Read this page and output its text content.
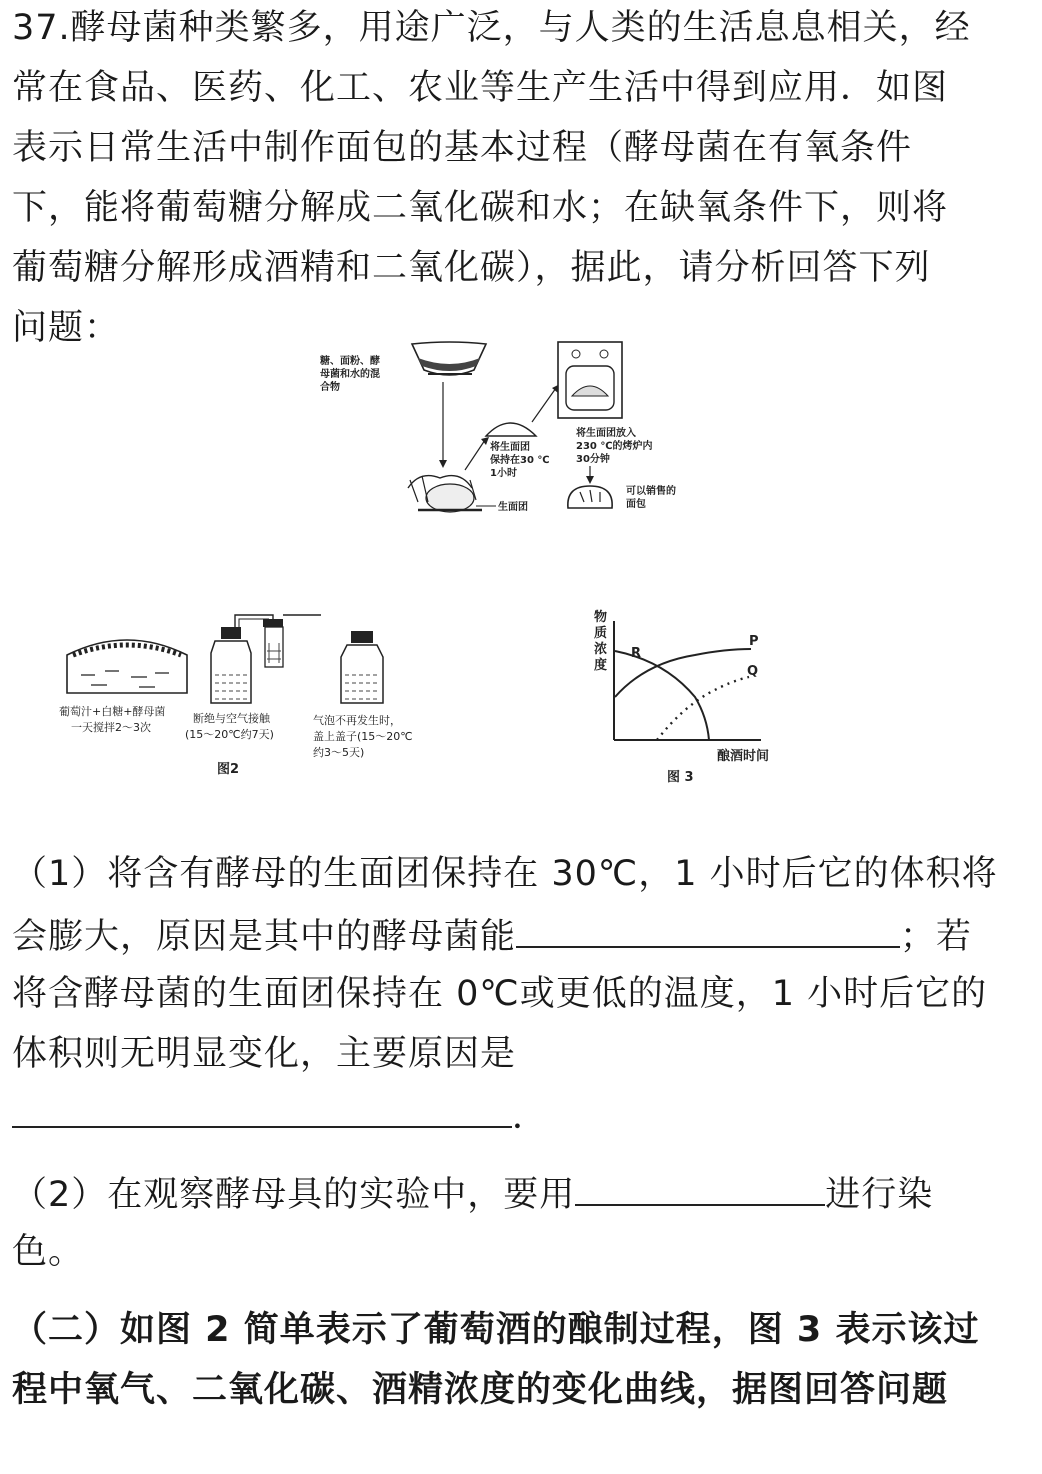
37.酵母菌种类繁多，用途广泛，与人类的生活息息相关，经
常在食品、医药、化工、农业等生产生活中得到应用．如图
表示日常生活中制作面包的基本过程（酵母菌在有氧条件
下，能将葡萄糖分解成二氧化碳和水；在缺氧条件下，则将
葡萄糖分解形成酒精和二氧化碳），据此，请分析回答下列
问题：
糖、面粉、酵
母菌和水的混
合物
生面团
将生面团
保持在30 ℃
1小时
将生面团放入
230 ℃的烤炉内
30分钟
可以销售的
面包
葡萄汁+白糖+酵母菌
一天搅拌2～3次
断绝与空气接触
(15～20℃约7天)
气泡不再发生时，
盖上盖子(15～20℃
约3～5天)
图2
物
质
浓
度
R
P
Q
酿酒时间
图 3
（1）将含有酵母的生面团保持在 30℃，1 小时后它的体积将
会膨大，原因是其中的酵母菌能	；若
将含酵母菌的生面团保持在 0℃或更低的温度，1 小时后它的
体积则无明显变化，主要原因是
．
（2）在观察酵母具的实验中，要用	进行染
色。
（二）如图 2 简单表示了葡萄酒的酿制过程，图 3 表示该过
程中氧气、二氧化碳、酒精浓度的变化曲线，据图回答问题
